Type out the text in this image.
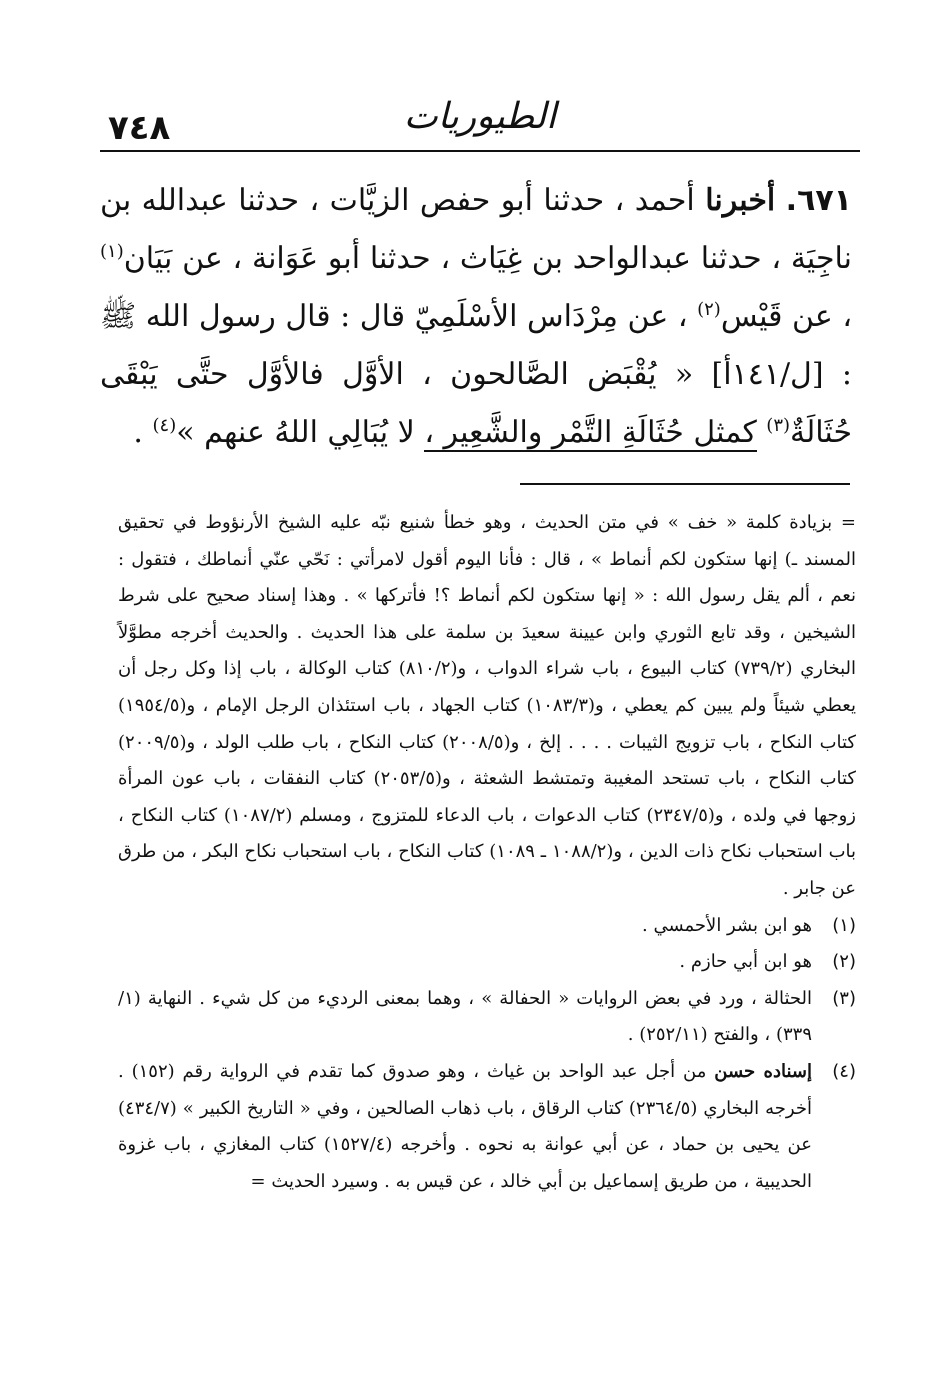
٧٤٨	الطيوريات

٦٧١. أخبرنا أحمد ، حدثنا أبو حفص الزيَّات ، حدثنا عبدالله بن ناجِيَة ، حدثنا عبدالواحد بن غِيَاث ، حدثنا أبو عَوَانة ، عن بَيَان$^{(١)}$ ، عن قَيْس$^{(٢)}$ ، عن مِرْدَاس الأسْلَمِيّ قال : قال رسول الله ﷺ : [ل/١٤١أ] « يُقْبَض الصَّالحون ، الأوَّل فالأوَّل حتَّى يَبْقَى حُثَالَةٌ$^{(٣)}$ كمثل حُثَالَةِ التَّمْر والشَّعِير ، لا يُبَالِي اللهُ عنهم »$^{(٤)}$ .

= بزيادة كلمة « خف » في متن الحديث ، وهو خطأ شنيع نبّه عليه الشيخ الأرنؤوط في تحقيق المسند ـ) إنها ستكون لكم أنماط » ، قال : فأنا اليوم أقول لامرأتي : نَحّي عنّي أنماطك ، فتقول : نعم ، ألم يقل رسول الله : « إنها ستكون لكم أنماط ؟! فأتركها » . وهذا إسناد صحيح على شرط الشيخين ، وقد تابع الثوري وابن عيينة سعيدَ بن سلمة على هذا الحديث . والحديث أخرجه مطوَّلاً البخاري (٧٣٩/٢) كتاب البيوع ، باب شراء الدواب ، و(٨١٠/٢) كتاب الوكالة ، باب إذا وكل رجل أن يعطي شيئاً ولم يبين كم يعطي ، و(١٠٨٣/٣) كتاب الجهاد ، باب استئذان الرجل الإمام ، و(١٩٥٤/٥) كتاب النكاح ، باب تزويج الثيبات . . . . إلخ ، و(٢٠٠٨/٥) كتاب النكاح ، باب طلب الولد ، و(٢٠٠٩/٥) كتاب النكاح ، باب تستحد المغيبة وتمتشط الشعثة ، و(٢٠٥٣/٥) كتاب النفقات ، باب عون المرأة زوجها في ولده ، و(٢٣٤٧/٥) كتاب الدعوات ، باب الدعاء للمتزوج ، ومسلم (١٠٨٧/٢) كتاب النكاح ، باب استحباب نكاح ذات الدين ، و(١٠٨٨/٢ ـ ١٠٨٩) كتاب النكاح ، باب استحباب نكاح البكر ، من طرق عن جابر .

(١)
هو ابن بشر الأحمسي .
(٢)
هو ابن أبي حازم .
(٣)
الحثالة ، ورد في بعض الروايات « الحفالة » ، وهما بمعنى الرديء من كل شيء . النهاية (١/ ٣٣٩) ، والفتح (٢٥٢/١١) .
(٤)
إسناده حسن من أجل عبد الواحد بن غياث ، وهو صدوق كما تقدم في الرواية رقم (١٥٢) . أخرجه البخاري (٢٣٦٤/٥) كتاب الرقاق ، باب ذهاب الصالحين ، وفي « التاريخ الكبير » (٤٣٤/٧) عن يحيى بن حماد ، عن أبي عوانة به نحوه . وأخرجه (١٥٢٧/٤) كتاب المغازي ، باب غزوة الحديبية ، من طريق إسماعيل بن أبي خالد ، عن قيس به . وسيرد الحديث =
